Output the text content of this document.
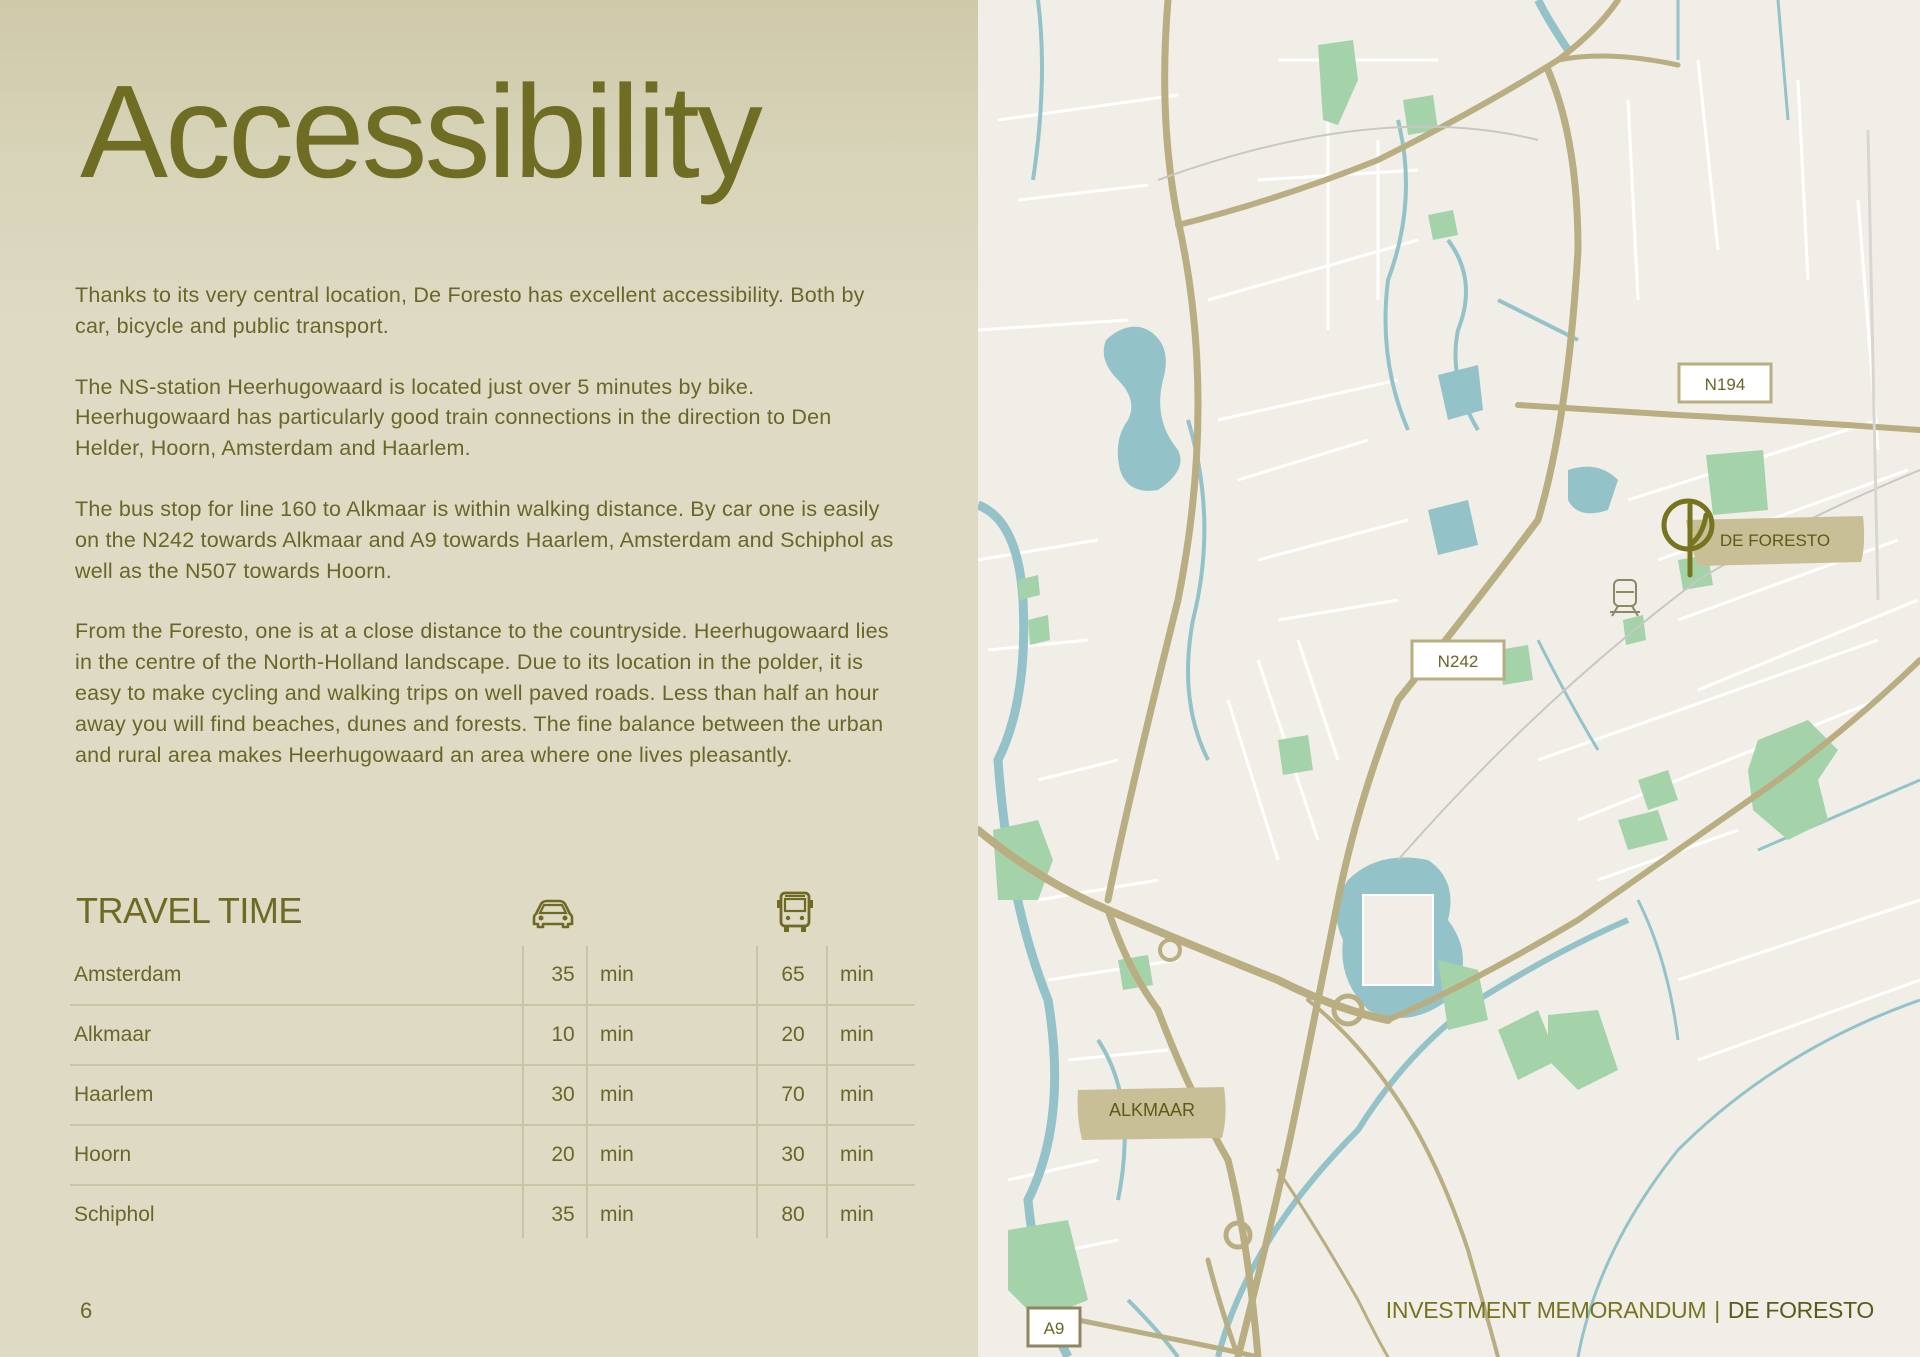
Accessibility

Thanks to its very central location, De Foresto has excellent accessibility. Both by car, bicycle and public transport.

The NS-station Heerhugowaard is located just over 5 minutes by bike. Heerhugowaard has particularly good train connections in the direction to Den Helder, Hoorn, Amsterdam and Haarlem.

The bus stop for line 160 to Alkmaar is within walking distance. By car one is easily on the N242 towards Alkmaar and A9 towards Haarlem, Amsterdam and Schiphol as well as the N507 towards Hoorn.

From the Foresto, one is at a close distance to the countryside. Heerhugowaard lies in the centre of the North-Holland landscape. Due to its location in the polder, it is easy to make cycling and walking trips on well paved roads. Less than half an hour away you will find beaches, dunes and forests. The fine balance between the urban and rural area makes Heerhugowaard an area where one lives pleasantly.

TRAVEL TIME
Amsterdam	35	min	65	min
Alkmaar	10	min	20	min
Haarlem	30	min	70	min
Hoorn	20	min	30	min
Schiphol	35	min	80	min
6
N194
DE FORESTO
N242
ALKMAAR
A9
INVESTMENT MEMORANDUM | DE FORESTO
